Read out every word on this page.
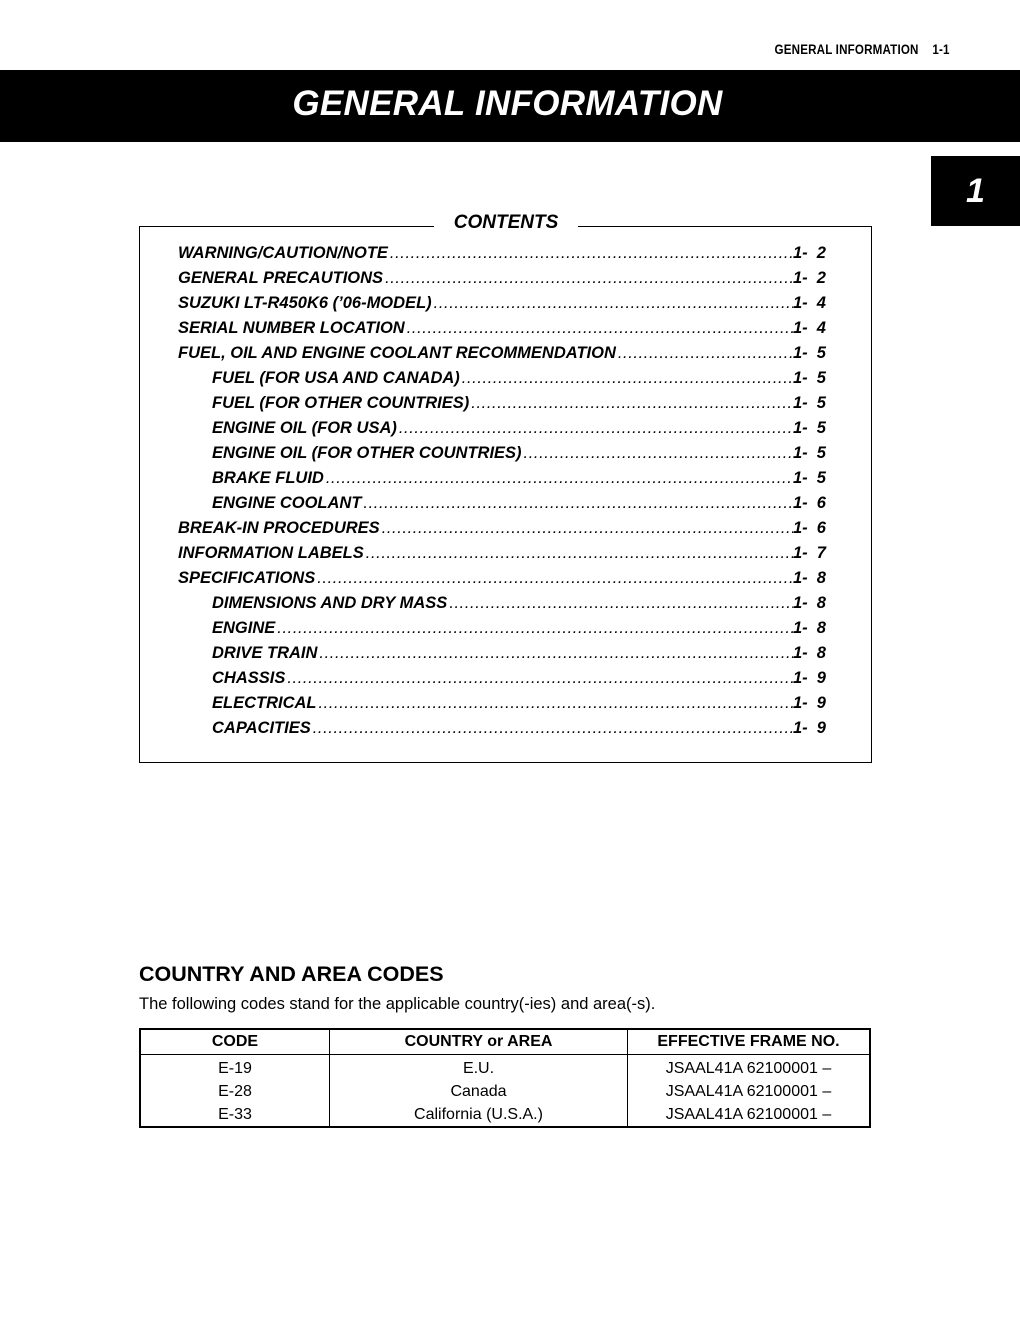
GENERAL INFORMATION 1-1
GENERAL INFORMATION
1
CONTENTS
WARNING/CAUTION/NOTE .....	1-  2
GENERAL PRECAUTIONS .....	1-  2
SUZUKI LT-R450K6 (’06-MODEL) .....	1-  4
SERIAL NUMBER LOCATION .....	1-  4
FUEL, OIL AND ENGINE COOLANT RECOMMENDATION .....	1-  5
FUEL (FOR USA AND CANADA) .....	1-  5
FUEL (FOR OTHER COUNTRIES) .....	1-  5
ENGINE OIL (FOR USA) .....	1-  5
ENGINE OIL (FOR OTHER COUNTRIES) .....	1-  5
BRAKE FLUID .....	1-  5
ENGINE COOLANT .....	1-  6
BREAK-IN PROCEDURES .....	1-  6
INFORMATION LABELS .....	1-  7
SPECIFICATIONS .....	1-  8
DIMENSIONS AND DRY MASS .....	1-  8
ENGINE .....	1-  8
DRIVE TRAIN .....	1-  8
CHASSIS .....	1-  9
ELECTRICAL .....	1-  9
CAPACITIES .....	1-  9
COUNTRY AND AREA CODES

The following codes stand for the applicable country(-ies) and area(-s).

CODE	COUNTRY or AREA	EFFECTIVE FRAME NO.
E-19	E.U.	JSAAL41A 62100001 –
E-28	Canada	JSAAL41A 62100001 –
E-33	California (U.S.A.)	JSAAL41A 62100001 –
